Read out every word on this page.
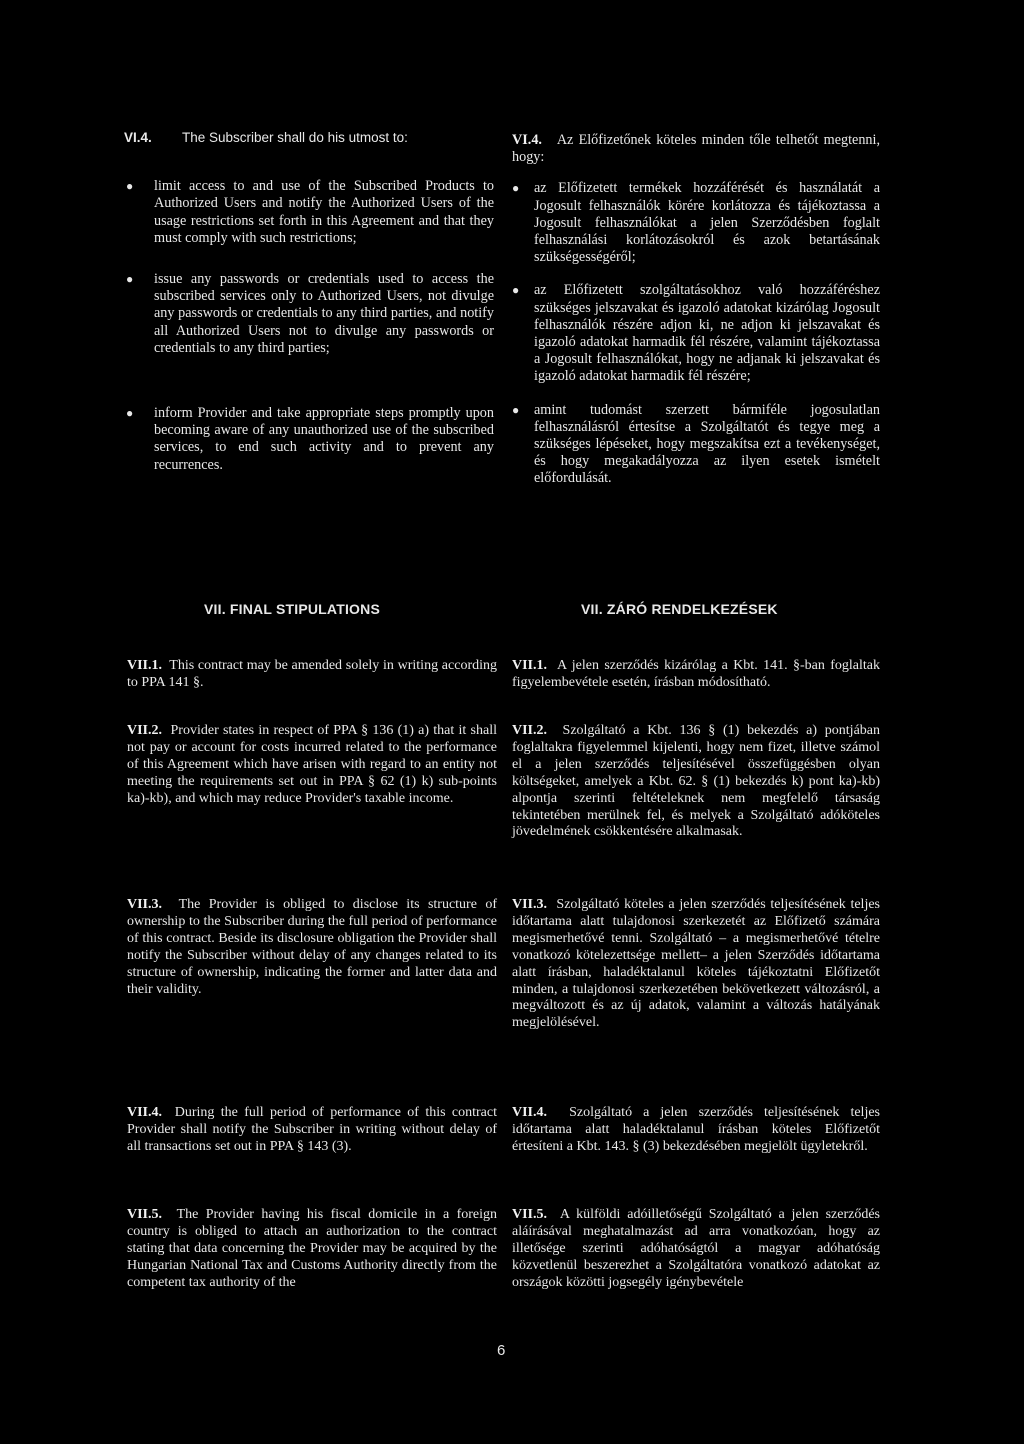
VI.4.	The Subscriber shall do his utmost to:
● limit access to and use of the Subscribed Products to Authorized Users and notify the Authorized Users of the usage restrictions set forth in this Agreement and that they must comply with such restrictions;
● issue any passwords or credentials used to access the subscribed services only to Authorized Users, not divulge any passwords or credentials to any third parties, and notify all Authorized Users not to divulge any passwords or credentials to any third parties;
● inform Provider and take appropriate steps promptly upon becoming aware of any unauthorized use of the subscribed services, to end such activity and to prevent any recurrences.
VI.4. Az Előfizetőnek köteles minden tőle telhetőt megtenni, hogy:
● az Előfizetett termékek hozzáférését és használatát a Jogosult felhasználók körére korlátozza és tájékoztassa a Jogosult felhasználókat a jelen Szerződésben foglalt felhasználási korlátozásokról és azok betartásának szükségességéről;
● az Előfizetett szolgáltatásokhoz való hozzáféréshez szükséges jelszavakat és igazoló adatokat kizárólag Jogosult felhasználók részére adjon ki, ne adjon ki jelszavakat és igazoló adatokat harmadik fél részére, valamint tájékoztassa a Jogosult felhasználókat, hogy ne adjanak ki jelszavakat és igazoló adatokat harmadik fél részére;
● amint tudomást szerzett bármiféle jogosulatlan felhasználásról értesítse a Szolgáltatót és tegye meg a szükséges lépéseket, hogy megszakítsa ezt a tevékenységet, és hogy megakadályozza az ilyen esetek ismételt előfordulását.
VII. FINAL STIPULATIONS	VII. ZÁRÓ RENDELKEZÉSEK
VII.1. This contract may be amended solely in writing according to PPA 141 §.
VII.2. Provider states in respect of PPA § 136 (1) a) that it shall not pay or account for costs incurred related to the performance of this Agreement which have arisen with regard to an entity not meeting the requirements set out in PPA § 62 (1) k) sub-points ka)-kb), and which may reduce Provider's taxable income.
VII.3. The Provider is obliged to disclose its structure of ownership to the Subscriber during the full period of performance of this contract. Beside its disclosure obligation the Provider shall notify the Subscriber without delay of any changes related to its structure of ownership, indicating the former and latter data and their validity.
VII.4. During the full period of performance of this contract Provider shall notify the Subscriber in writing without delay of all transactions set out in PPA § 143 (3).
VII.5. The Provider having his fiscal domicile in a foreign country is obliged to attach an authorization to the contract stating that data concerning the Provider may be acquired by the Hungarian National Tax and Customs Authority directly from the competent tax authority of the
VII.1. A jelen szerződés kizárólag a Kbt. 141. §-ban foglaltak figyelembevétele esetén, írásban módosítható.
VII.2. Szolgáltató a Kbt. 136 § (1) bekezdés a) pontjában foglaltakra figyelemmel kijelenti, hogy nem fizet, illetve számol el a jelen szerződés teljesítésével összefüggésben olyan költségeket, amelyek a Kbt. 62. § (1) bekezdés k) pont ka)-kb) alpontja szerinti feltételeknek nem megfelelő társaság tekintetében merülnek fel, és melyek a Szolgáltató adóköteles jövedelmének csökkentésére alkalmasak.
VII.3. Szolgáltató köteles a jelen szerződés teljesítésének teljes időtartama alatt tulajdonosi szerkezetét az Előfizető számára megismerhetővé tenni. Szolgáltató – a megismerhetővé tételre vonatkozó kötelezettsége mellett– a jelen Szerződés időtartama alatt írásban, haladéktalanul köteles tájékoztatni Előfizetőt minden, a tulajdonosi szerkezetében bekövetkezett változásról, a megváltozott és az új adatok, valamint a változás hatályának megjelölésével.
VII.4. Szolgáltató a jelen szerződés teljesítésének teljes időtartama alatt haladéktalanul írásban köteles Előfizetőt értesíteni a Kbt. 143. § (3) bekezdésében megjelölt ügyletekről.
VII.5. A külföldi adóilletőségű Szolgáltató a jelen szerződés aláírásával meghatalmazást ad arra vonatkozóan, hogy az illetősége szerinti adóhatóságtól a magyar adóhatóság közvetlenül beszerezhet a Szolgáltatóra vonatkozó adatokat az országok közötti jogsegély igénybevétele
6
